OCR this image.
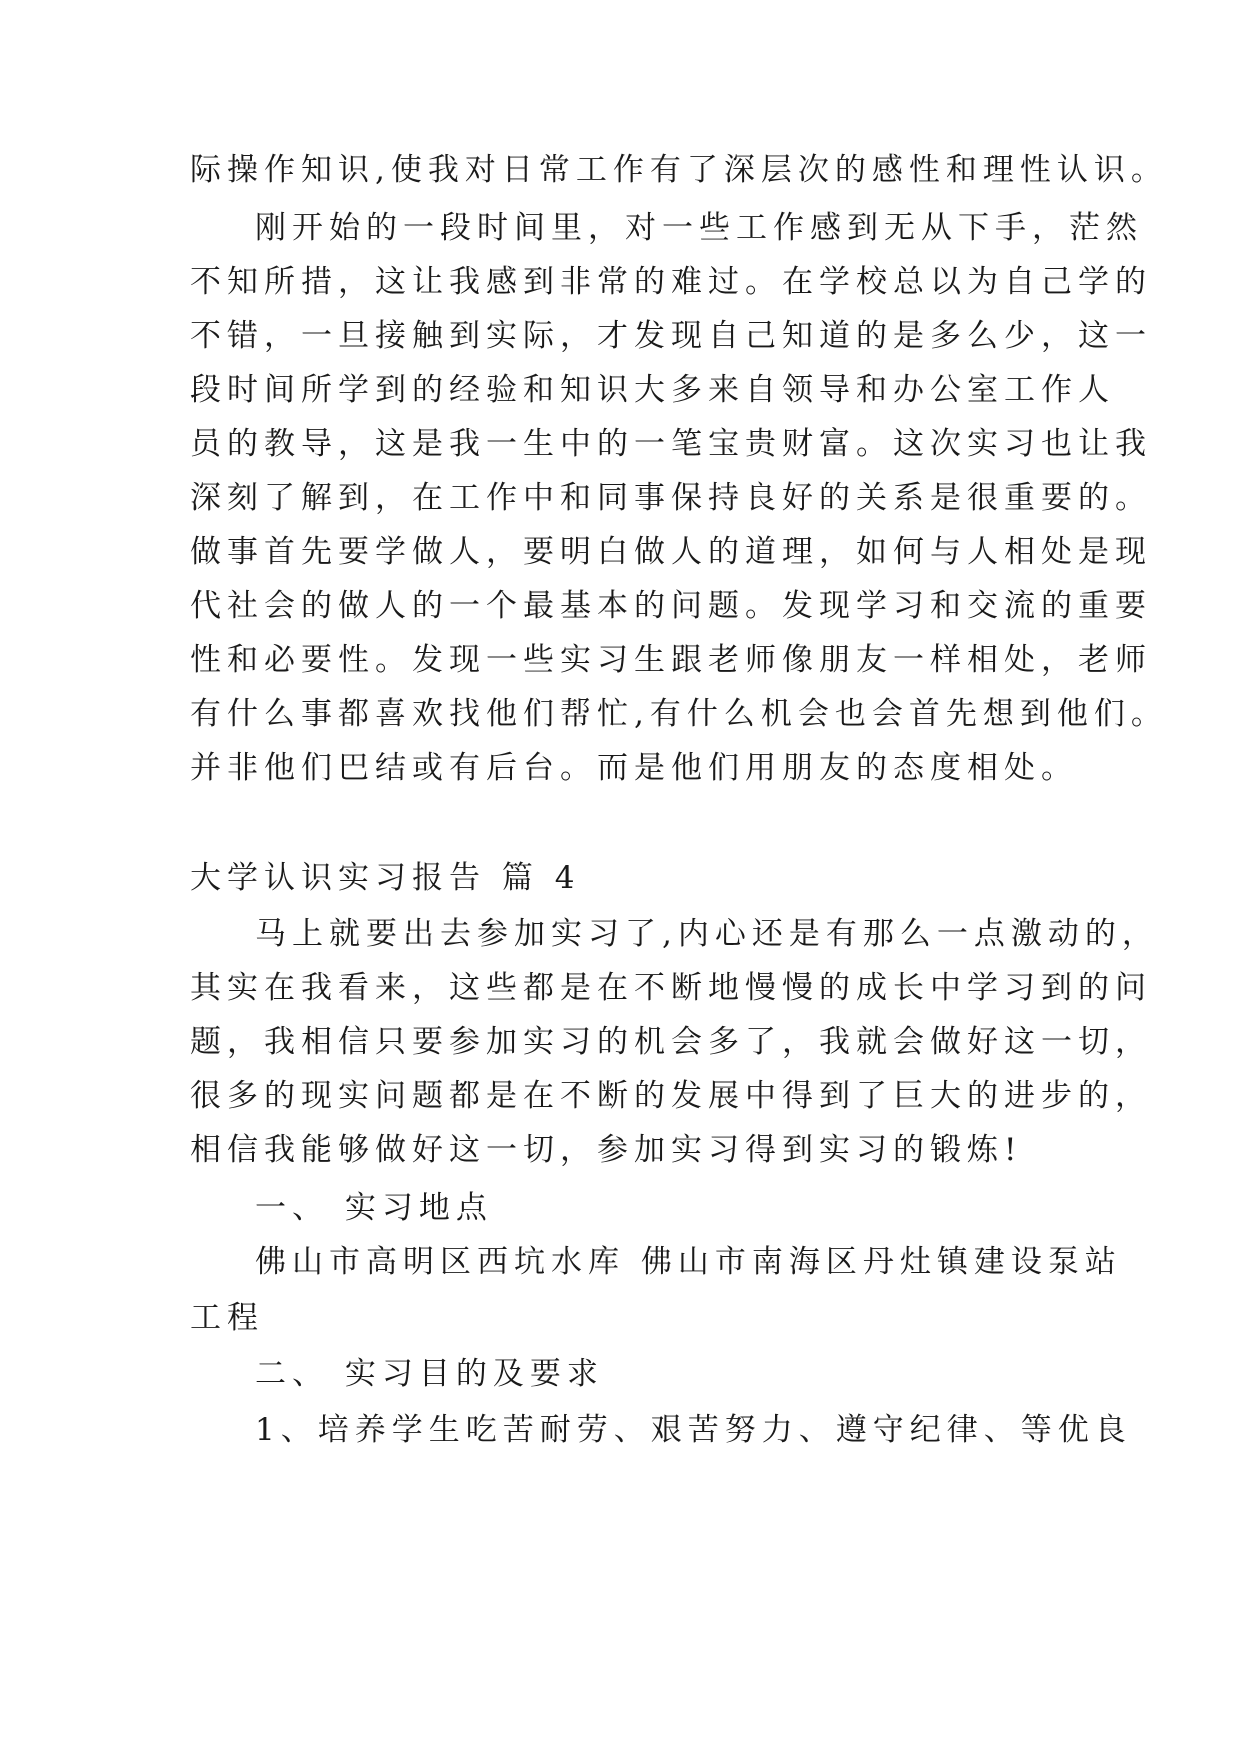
际操作知识,使我对日常工作有了深层次的感性和理性认识。
刚开始的一段时间里，对一些工作感到无从下手，茫然
不知所措，这让我感到非常的难过。在学校总以为自己学的
不错，一旦接触到实际，才发现自己知道的是多么少，这一
段时间所学到的经验和知识大多来自领导和办公室工作人
员的教导，这是我一生中的一笔宝贵财富。这次实习也让我
深刻了解到，在工作中和同事保持良好的关系是很重要的。
做事首先要学做人，要明白做人的道理，如何与人相处是现
代社会的做人的一个最基本的问题。发现学习和交流的重要
性和必要性。发现一些实习生跟老师像朋友一样相处，老师
有什么事都喜欢找他们帮忙,有什么机会也会首先想到他们。
并非他们巴结或有后台。而是他们用朋友的态度相处。
大学认识实习报告 篇 4
马上就要出去参加实习了,内心还是有那么一点激动的，
其实在我看来，这些都是在不断地慢慢的成长中学习到的问
题，我相信只要参加实习的机会多了，我就会做好这一切，
很多的现实问题都是在不断的发展中得到了巨大的进步的，
相信我能够做好这一切，参加实习得到实习的锻炼!
一、 实习地点
佛山市高明区西坑水库 佛山市南海区丹灶镇建设泵站
工程
二、 实习目的及要求
1、培养学生吃苦耐劳、艰苦努力、遵守纪律、等优良
